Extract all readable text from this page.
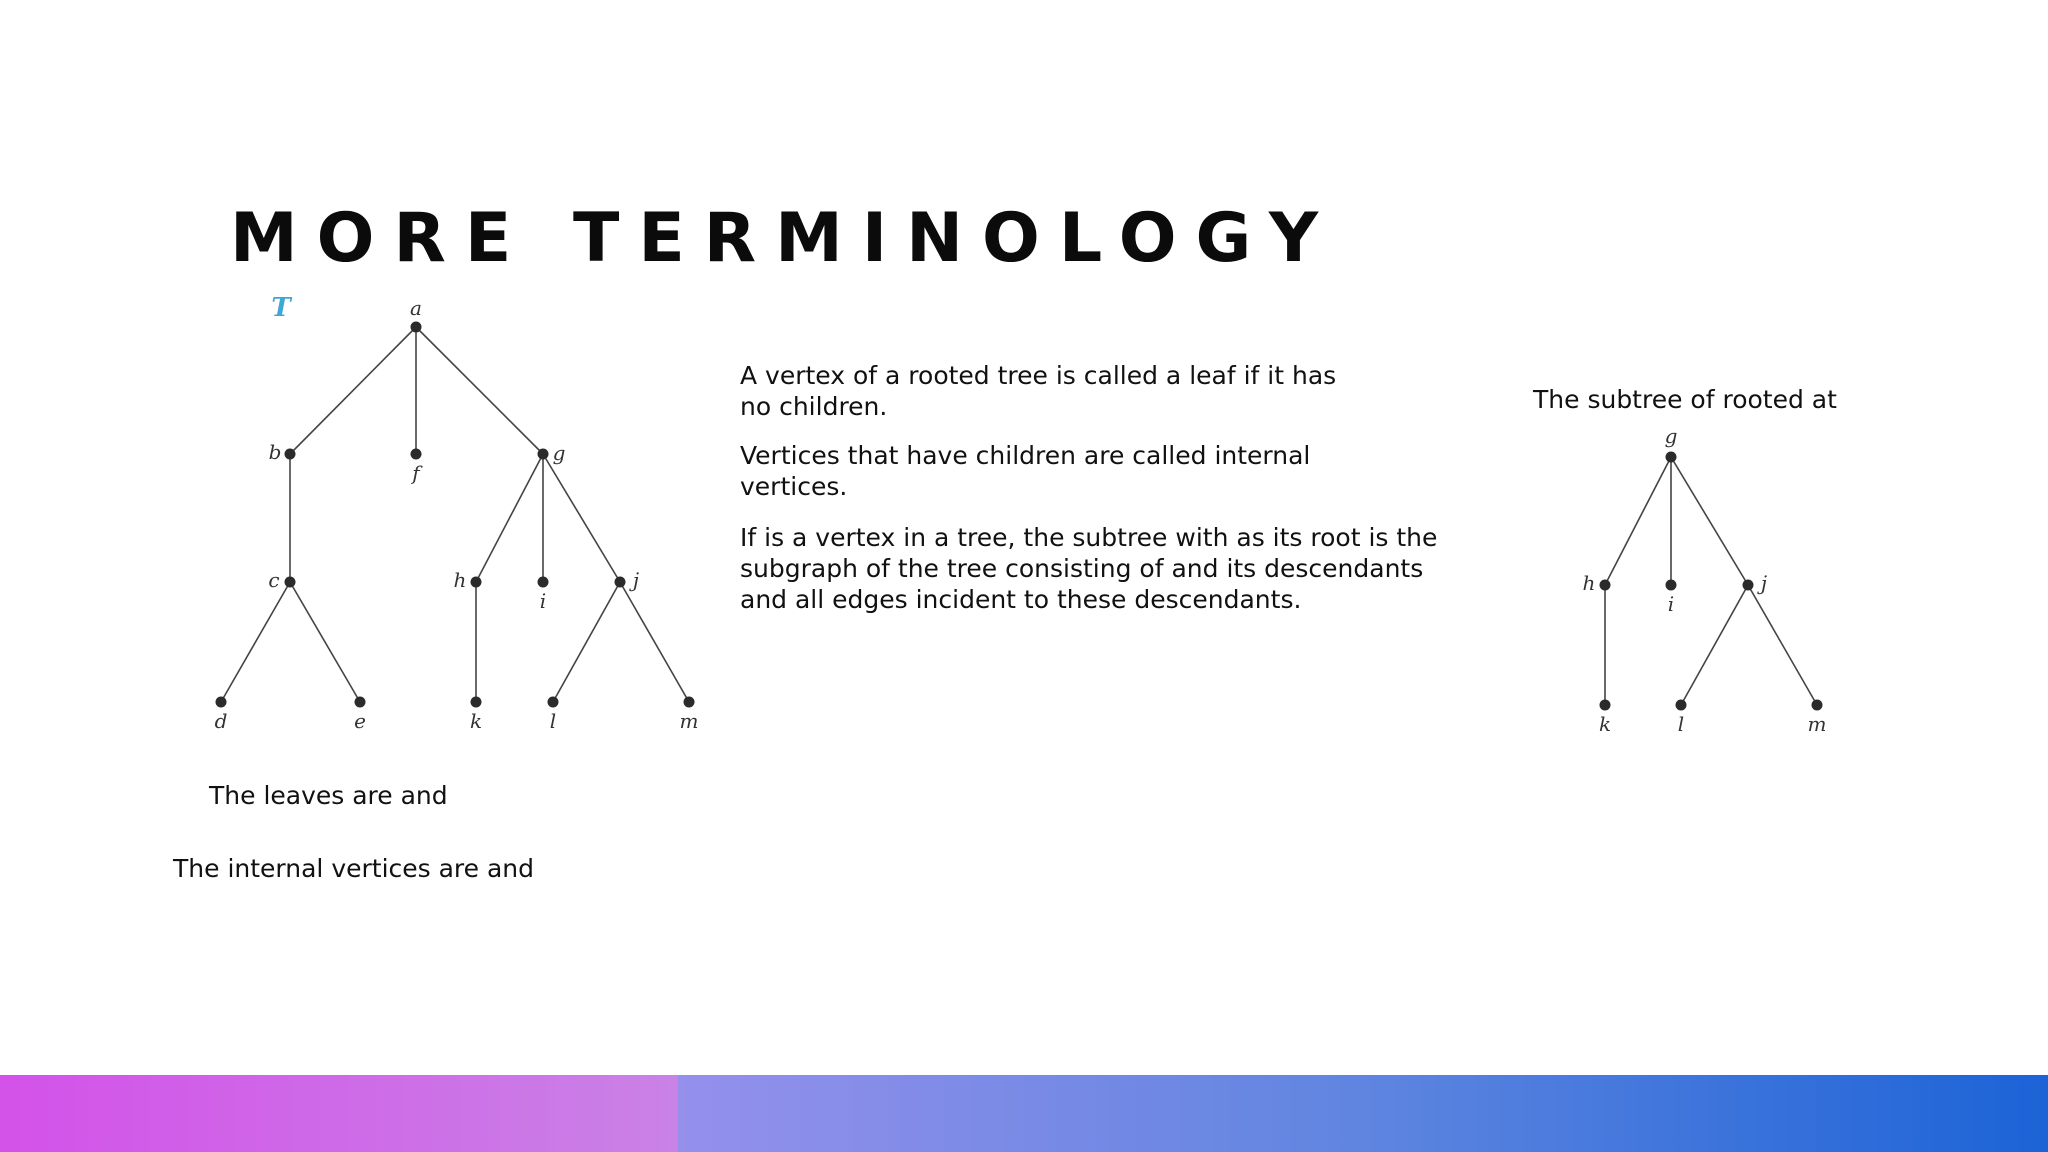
MORE TERMINOLOGY
a
b
f
g
c	h
i
j
d	e	k	l	m
T
g
h
i
j
k	l	m

A vertex of a rooted tree is called a leaf if it has no children.

Vertices that have children are called internal vertices.

If is a vertex in a tree, the subtree with as its root is the subgraph of the tree consisting of and its descendants and all edges incident to these descendants.

The leaves are and
The internal vertices are and
The subtree of rooted at
